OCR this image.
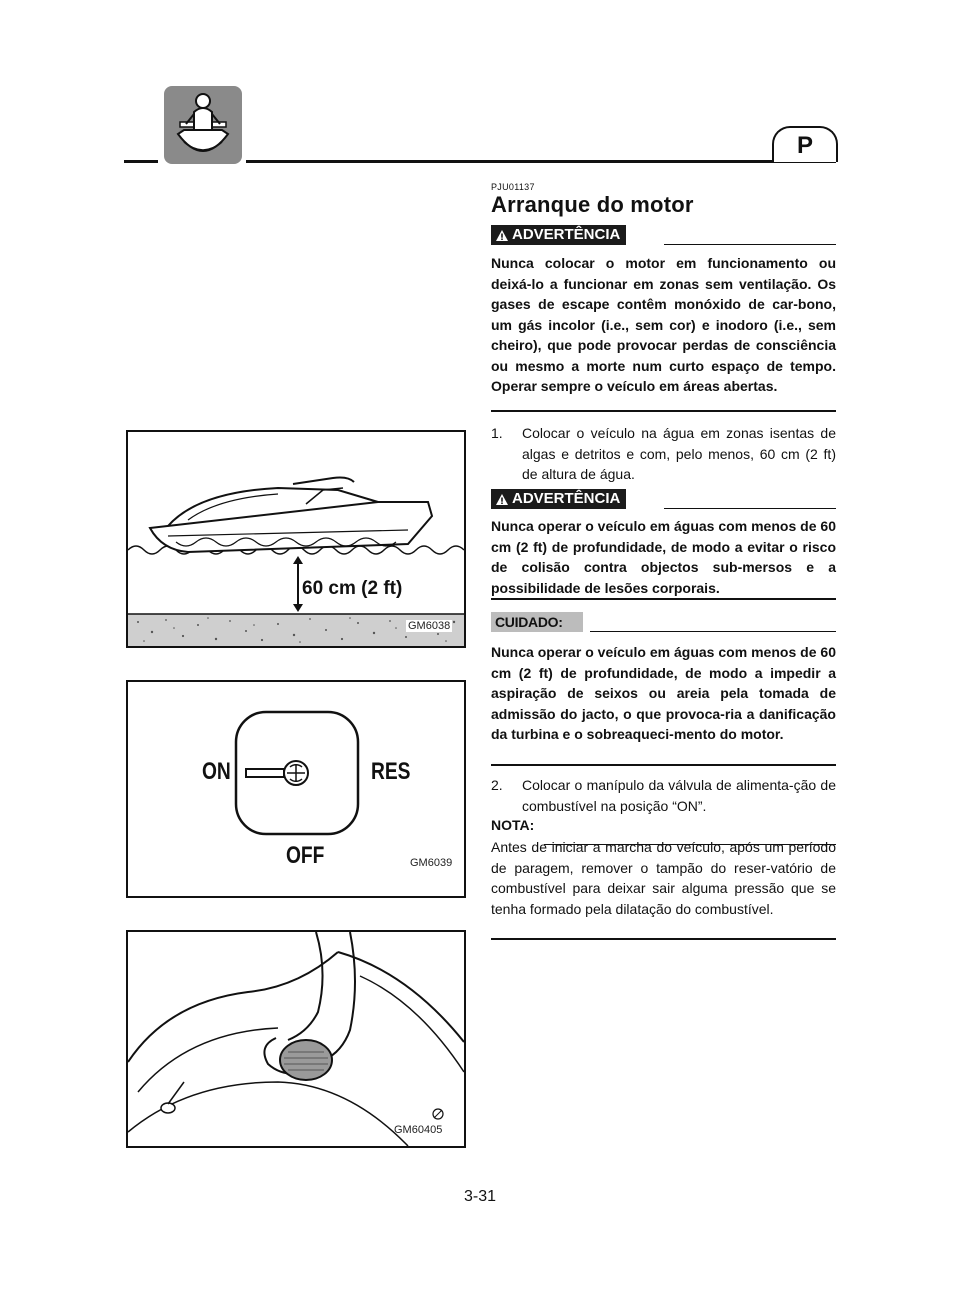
P
PJU01137
Arranque do motor
ADVERTÊNCIA
Nunca colocar o motor em funcionamento ou deixá-lo a funcionar em zonas sem ventilação. Os gases de escape contêm monóxido de car-bono, um gás incolor (i.e., sem cor) e inodoro (i.e., sem cheiro), que pode provocar perdas de consciência ou mesmo a morte num curto espaço de tempo. Operar sempre o veículo em áreas abertas.
1. Colocar o veículo na água em zonas isentas de algas e detritos e com, pelo menos, 60 cm (2 ft) de altura de água.
ADVERTÊNCIA
Nunca operar o veículo em águas com menos de 60 cm (2 ft) de profundidade, de modo a evitar o risco de colisão contra objectos sub-mersos e a possibilidade de lesões corporais.
CUIDADO:
Nunca operar o veículo em águas com menos de 60 cm (2 ft) de profundidade, de modo a impedir a aspiração de seixos ou areia pela tomada de admissão do jacto, o que provoca-ria a danificação da turbina e o sobreaqueci-mento do motor.
2. Colocar o manípulo da válvula de alimenta-ção de combustível na posição “ON”.
NOTA:
Antes de iniciar a marcha do veículo, após um período de paragem, remover o tampão do reser-vatório de combustível para deixar sair alguma pressão que se tenha formado pela dilatação do combustível.
60 cm (2 ft)
GM6038
ON	RES
OFF	GM6039
GM60405
3-31
